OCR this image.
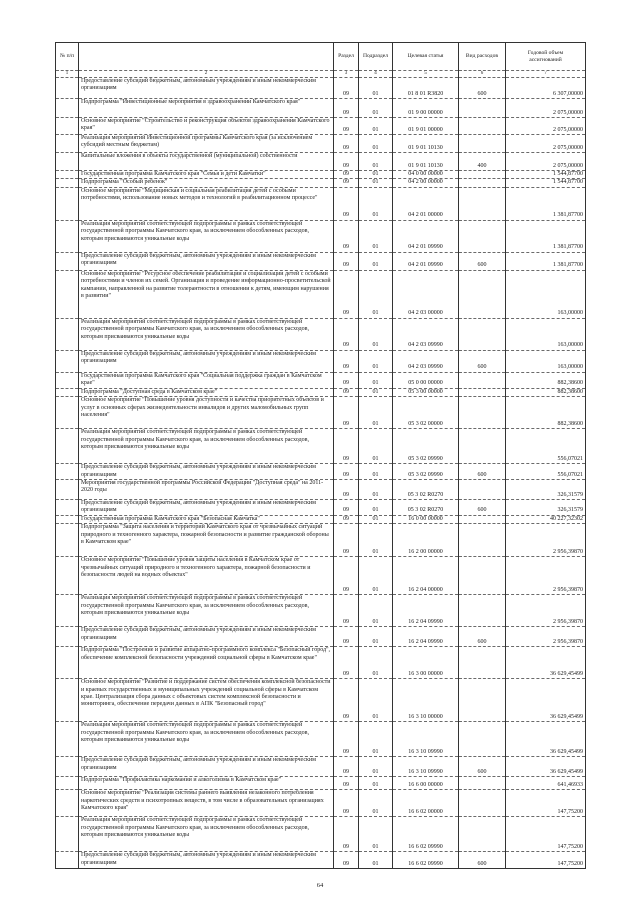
№ п/п		Раздел	Подраздел	Целевая статья	Вид расходов	Годовой объем ассигнований
1	2	3	4	5	6	7
	Предоставление субсидий бюджетным, автономным учреждениям и иным некоммерческим организациям	09	01	01 8 01 R3820	600	6 307,00000
	Подпрограмма "Инвестиционные мероприятия в здравоохранении Камчатского края"	09	01	01 9 00 00000		2 075,00000
	Основное мероприятие "Строительство и реконструкция объектов здравоохранения Камчатского края"	09	01	01 9 01 00000		2 075,00000
	Реализация мероприятий Инвестиционной программы Камчатского края (за исключением субсидий местным бюджетам)	09	01	01 9 01 10130		2 075,00000
	Капитальные вложения в объекты государственной (муниципальной) собственности	09	01	01 9 01 10130	400	2 075,00000
	Государственная программа Камчатского края "Семья и дети Камчатки"	09	01	04 0 00 00000		1 544,87700
	Подпрограмма "Особый ребенок"	09	01	04 2 00 00000		1 544,87700
	Основное мероприятие "Медицинская и социальная реабилитация детей с особыми потребностями, использование новых методов и технологий в реабилитационном процессе"	09	01	04 2 01 00000		1 381,87700
	Реализация мероприятий соответствующей подпрограммы в рамках соответствующей государственной программы Камчатского края, за исключением обособленных расходов, которым присваиваются уникальные коды	09	01	04 2 01 09990		1 381,87700
	Предоставление субсидий бюджетным, автономным учреждениям и иным некоммерческим организациям	09	01	04 2 01 09990	600	1 381,87700
	Основное мероприятие "Ресурсное обеспечение реабилитации и социализации детей с особыми потребностями и членов их семей. Организация и проведение информационно-просветительской кампании, направленной на развитие толерантности в отношении к детям, имеющим нарушения в развитии"	09	01	04 2 03 00000		163,00000
	Реализация мероприятий соответствующей подпрограммы в рамках соответствующей государственной программы Камчатского края, за исключением обособленных расходов, которым присваиваются уникальные коды	09	01	04 2 03 09990		163,00000
	Предоставление субсидий бюджетным, автономным учреждениям и иным некоммерческим организациям	09	01	04 2 03 09990	600	163,00000
	Государственная программа Камчатского края "Социальная поддержка граждан в Камчатском крае"	09	01	05 0 00 00000		882,38600
	Подпрограмма "Доступная среда в Камчатском крае"	09	01	05 3 00 00000		882,38600
	Основное мероприятие "Повышение уровня доступности и качества приоритетных объектов и услуг в основных сферах жизнедеятельности инвалидов и других маломобильных групп населения"	09	01	05 3 02 00000		882,38600
	Реализация мероприятий соответствующей подпрограммы в рамках соответствующей государственной программы Камчатского края, за исключением обособленных расходов, которым присваиваются уникальные коды	09	01	05 3 02 09990		556,07021
	Предоставление субсидий бюджетным, автономным учреждениям и иным некоммерческим организациям	09	01	05 3 02 09990	600	556,07021
	Мероприятия государственной программы Российской Федерации "Доступная среда" на 2011-2020 годы	09	01	05 3 02 R0270		326,31579
	Предоставление субсидий бюджетным, автономным учреждениям и иным некоммерческим организациям	09	01	05 3 02 R0270	600	326,31579
	Государственная программа Камчатского края "Безопасная Камчатка"	09	01	16 0 00 00000		40 227,32302
	Подпрограмма "Защита населения и территорий Камчатского края от чрезвычайных ситуаций природного и техногенного характера, пожарной безопасности и развитие гражданской обороны в Камчатском крае"	09	01	16 2 00 00000		2 956,39870
	Основное мероприятие "Повышение уровня защиты населения в Камчатском крае от чрезвычайных ситуаций природного и техногенного характера, пожарной безопасности и безопасности людей на водных объектах"	09	01	16 2 04 00000		2 956,39870
	Реализация мероприятий соответствующей подпрограммы в рамках соответствующей государственной программы Камчатского края, за исключением обособленных расходов, которым присваиваются уникальные коды	09	01	16 2 04 09990		2 956,39870
	Предоставление субсидий бюджетным, автономным учреждениям и иным некоммерческим организациям	09	01	16 2 04 09990	600	2 956,39870
	Подпрограмма "Построение и развитие аппаратно-программного комплекса "Безопасный город", обеспечение комплексной безопасности учреждений социальной сферы в Камчатском крае"	09	01	16 3 00 00000		36 629,45499
	Основное мероприятие "Развитие и поддержание систем обеспечения комплексной безопасности и краевых государственных и муниципальных учреждений социальной сферы в Камчатском крае. Централизация сбора данных с объектовых систем комплексной безопасности и мониторинга, обеспечение передачи данных в АПК "Безопасный город"	09	01	16 3 10 00000		36 629,45499
	Реализация мероприятий соответствующей подпрограммы в рамках соответствующей государственной программы Камчатского края, за исключением обособленных расходов, которым присваиваются уникальные коды	09	01	16 3 10 09990		36 629,45499
	Предоставление субсидий бюджетным, автономным учреждениям и иным некоммерческим организациям	09	01	16 3 10 09990	600	36 629,45499
	Подпрограмма "Профилактика наркомании и алкоголизма в Камчатском крае"	09	01	16 6 00 00000		641,46933
	Основное мероприятие "Реализация системы раннего выявления незаконного потребления наркотических средств и психотропных веществ, в том числе в образовательных организациях Камчатского края"	09	01	16 6 02 00000		147,75200
	Реализация мероприятий соответствующей подпрограммы в рамках соответствующей государственной программы Камчатского края, за исключением обособленных расходов, которым присваиваются уникальные коды	09	01	16 6 02 09990		147,75200
	Предоставление субсидий бюджетным, автономным учреждениям и иным некоммерческим организациям	09	01	16 6 02 09990	600	147,75200
64
